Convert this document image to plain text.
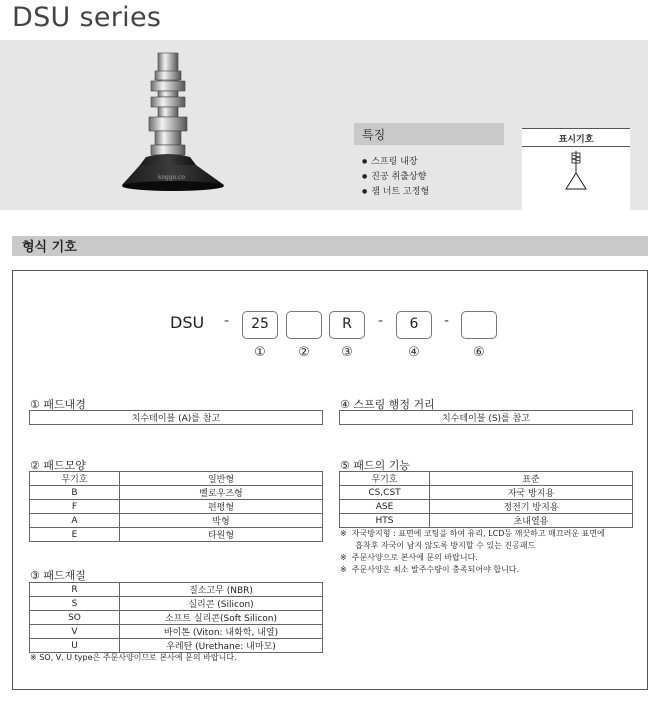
DSU series
koggo.co
특징
● 스프링 내장
● 진공 취출상향
● 잼 너트 고정형
표시기호
형식 기호
DSU -	25	R	-	6	-
①	②	③	④	⑥
① 패드내경
치수테이블 (A)를 참고
④ 스프링 행정 거리
치수테이블 (S)를 참고
② 패드모양
무기호	일반형
B	벨로우즈형
F	편평형
A	박형
E	타원형
⑤ 패드의 기능
무기호	표준
CS,CST	자국 방지용
ASE	정전기 방지용
HTS	초내열용
※  자국방지형 : 표면에 코팅을 하여 유리, LCD등 깨끗하고 매끄러운 표면에
흡착후 자국이 남지 않도록 방지할 수 있는 진공패드
※  주문사양으로 본사에 문의 바랍니다.
※  주문사양은 최소 발주수량이 충족되어야 합니다.
③ 패드재질
R	질소고무 (NBR)
S	실리콘 (Silicon)
SO	소프트 실리콘(Soft Silicon)
V	바이톤 (Viton: 내화학, 내열)
U	우레탄 (Urethane: 내마모)
※ SO, V, U type은 주문사양이므로 본사에 문의 바랍니다.
